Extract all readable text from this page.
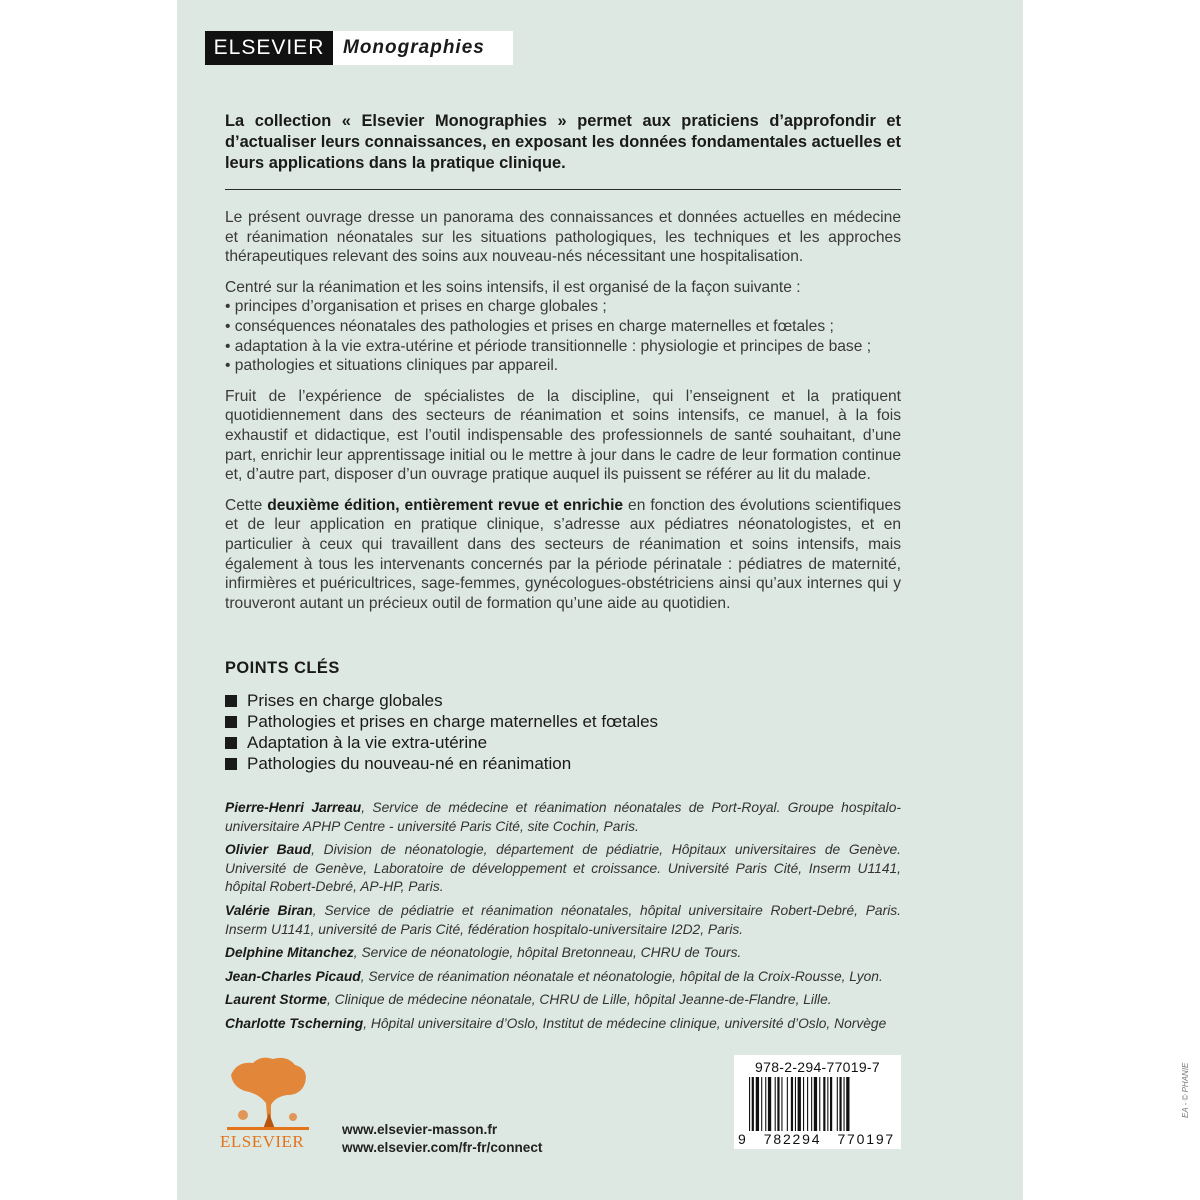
ELSEVIER Monographies
La collection « Elsevier Monographies » permet aux praticiens d’approfondir et d’actualiser leurs connaissances, en exposant les données fondamentales actuelles et leurs applications dans la pratique clinique.

Le présent ouvrage dresse un panorama des connaissances et données actuelles en médecine et réanimation néonatales sur les situations pathologiques, les techniques et les approches thérapeutiques relevant des soins aux nouveau-nés nécessitant une hospitalisation.

Centré sur la réanimation et les soins intensifs, il est organisé de la façon suivante :
• principes d’organisation et prises en charge globales ;
• conséquences néonatales des pathologies et prises en charge maternelles et fœtales ;
• adaptation à la vie extra-utérine et période transitionnelle : physiologie et principes de base ;
• pathologies et situations cliniques par appareil.

Fruit de l’expérience de spécialistes de la discipline, qui l’enseignent et la pratiquent quotidiennement dans des secteurs de réanimation et soins intensifs, ce manuel, à la fois exhaustif et didactique, est l’outil indispensable des professionnels de santé souhaitant, d’une part, enrichir leur apprentissage initial ou le mettre à jour dans le cadre de leur formation continue et, d’autre part, disposer d’un ouvrage pratique auquel ils puissent se référer au lit du malade.

Cette deuxième édition, entièrement revue et enrichie en fonction des évolutions scientifiques et de leur application en pratique clinique, s’adresse aux pédiatres néonatologistes, et en particulier à ceux qui travaillent dans des secteurs de réanimation et soins intensifs, mais également à tous les intervenants concernés par la période périnatale : pédiatres de maternité, infirmières et puéricultrices, sage-femmes, gynécologues-obstétriciens ainsi qu’aux internes qui y trouveront autant un précieux outil de formation qu’une aide au quotidien.

POINTS CLÉS
Prises en charge globales
Pathologies et prises en charge maternelles et fœtales
Adaptation à la vie extra-utérine
Pathologies du nouveau-né en réanimation

Pierre-Henri Jarreau, Service de médecine et réanimation néonatales de Port-Royal. Groupe hospitalo-universitaire APHP Centre - université Paris Cité, site Cochin, Paris.

Olivier Baud, Division de néonatologie, département de pédiatrie, Hôpitaux universitaires de Genève. Université de Genève, Laboratoire de développement et croissance. Université Paris Cité, Inserm U1141, hôpital Robert-Debré, AP-HP, Paris.

Valérie Biran, Service de pédiatrie et réanimation néonatales, hôpital universitaire Robert-Debré, Paris. Inserm U1141, université de Paris Cité, fédération hospitalo-universitaire I2D2, Paris.

Delphine Mitanchez, Service de néonatologie, hôpital Bretonneau, CHRU de Tours.

Jean-Charles Picaud, Service de réanimation néonatale et néonatologie, hôpital de la Croix-Rousse, Lyon.

Laurent Storme, Clinique de médecine néonatale, CHRU de Lille, hôpital Jeanne-de-Flandre, Lille.

Charlotte Tscherning, Hôpital universitaire d’Oslo, Institut de médecine clinique, université d’Oslo, Norvège

ELSEVIER
www.elsevier-masson.fr
www.elsevier.com/fr-fr/connect
978-2-294-77019-7
9 782294 770197
EA - © PHANIE
